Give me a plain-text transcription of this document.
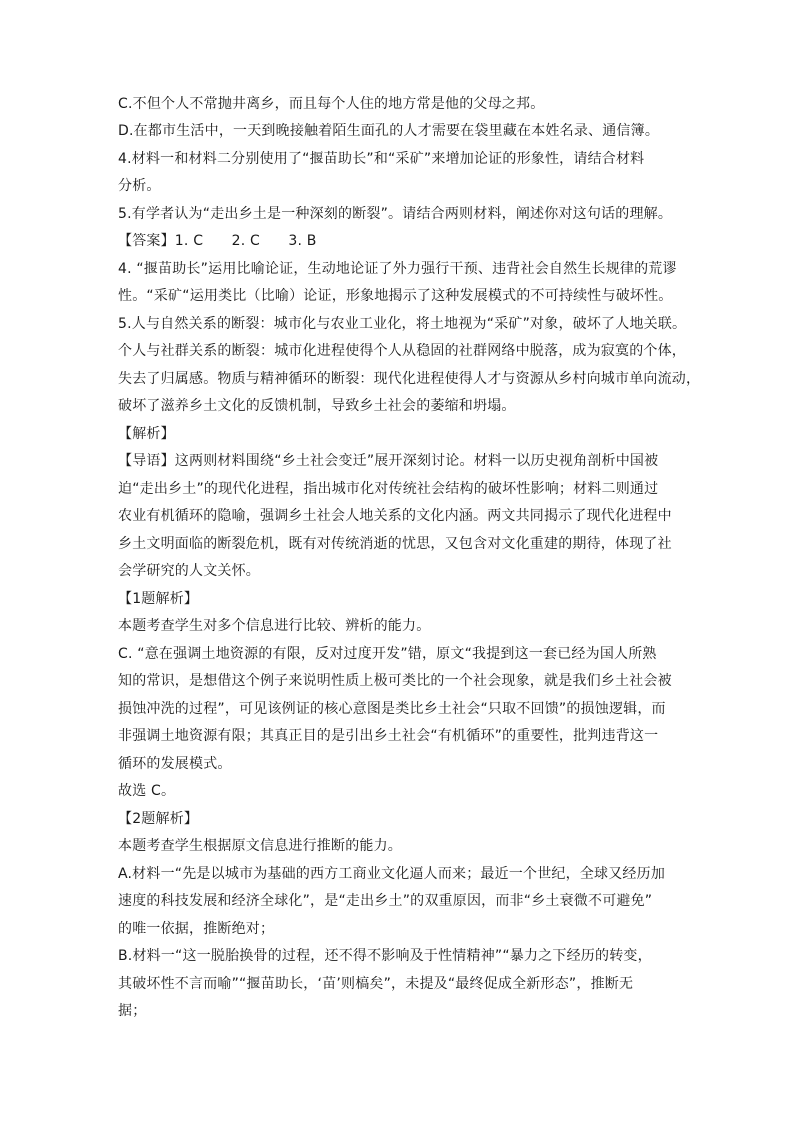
C.不但个人不常抛井离乡，而且每个人住的地方常是他的父母之邦。
D.在都市生活中，一天到晚接触着陌生面孔的人才需要在袋里藏在本姓名录、通信簿。
4.材料一和材料二分别使用了“揠苗助长”和“采矿”来增加论证的形象性，请结合材料
分析。
5.有学者认为“走出乡土是一种深刻的断裂”。请结合两则材料，阐述你对这句话的理解。
【答案】1. C　　2. C　　3. B
4. “揠苗助长”运用比喻论证，生动地论证了外力强行干预、违背社会自然生长规律的荒谬
性。“采矿“运用类比（比喻）论证，形象地揭示了这种发展模式的不可持续性与破坏性。
5.人与自然关系的断裂：城市化与农业工业化，将土地视为“采矿”对象，破坏了人地关联。
个人与社群关系的断裂：城市化进程使得个人从稳固的社群网络中脱落，成为寂寞的个体，
失去了归属感。物质与精神循环的断裂：现代化进程使得人才与资源从乡村向城市单向流动，
破坏了滋养乡土文化的反馈机制，导致乡土社会的萎缩和坍塌。
【解析】
【导语】这两则材料围绕“乡土社会变迁”展开深刻讨论。材料一以历史视角剖析中国被
迫“走出乡土”的现代化进程，指出城市化对传统社会结构的破坏性影响；材料二则通过
农业有机循环的隐喻，强调乡土社会人地关系的文化内涵。两文共同揭示了现代化进程中
乡土文明面临的断裂危机，既有对传统消逝的忧思，又包含对文化重建的期待，体现了社
会学研究的人文关怀。
【1题解析】
本题考查学生对多个信息进行比较、辨析的能力。
C. “意在强调土地资源的有限，反对过度开发”错，原文“我提到这一套已经为国人所熟
知的常识，是想借这个例子来说明性质上极可类比的一个社会现象，就是我们乡土社会被
损蚀冲洗的过程”，可见该例证的核心意图是类比乡土社会“只取不回馈”的损蚀逻辑，而
非强调土地资源有限；其真正目的是引出乡土社会“有机循环”的重要性，批判违背这一
循环的发展模式。
故选 C。
【2题解析】
本题考查学生根据原文信息进行推断的能力。
A.材料一“先是以城市为基础的西方工商业文化逼人而来；最近一个世纪，全球又经历加
速度的科技发展和经济全球化”，是“走出乡土”的双重原因，而非“乡土衰微不可避免”
的唯一依据，推断绝对；
B.材料一“这一脱胎换骨的过程，还不得不影响及于性情精神”“暴力之下经历的转变，
其破坏性不言而喻”“揠苗助长，‘苗’则槁矣”，未提及“最终促成全新形态”，推断无
据；
